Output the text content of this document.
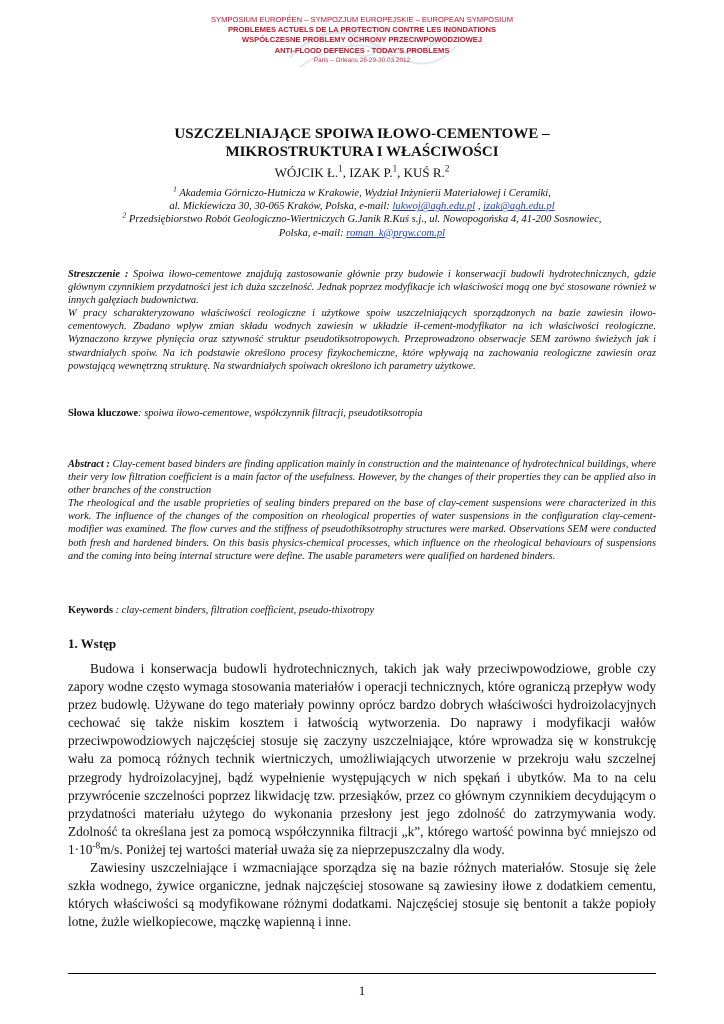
SYMPOSIUM EUROPÉEN – SYMPOZJUM EUROPEJSKIE – EUROPEAN SYMPOSIUM
PROBLEMES ACTUELS DE LA PROTECTION CONTRE LES INONDATIONS
WSPÓŁCZESNE PROBLEMY OCHRONY PRZECIWPOWODZIOWEJ
ANTI-FLOOD DEFENCES - TODAY'S PROBLEMS
Paris – Orléans 28-29-30.03.2012
USZCZELNIAJĄCE SPOIWA IŁOWO-CEMENTOWE –
MIKROSTRUKTURA I WŁAŚCIWOŚCI
WÓJCIK Ł.$^1$, IZAK P.$^1$, KUŚ R.$^2$
$^1$ Akademia Górniczo-Hutnicza w Krakowie, Wydział Inżynierii Materiałowej i Ceramiki,
al. Mickiewicza 30, 30-065 Kraków, Polska, e-mail: lukwoj@agh.edu.pl , izak@agh.edu.pl
$^2$ Przedsiębiorstwo Robót Geologiczno-Wiertniczych G.Janik R.Kuś s.j., ul. Nowopogońska 4, 41-200 Sosnowiec,
Polska, e-mail: roman_k@prgw.com.pl
Streszczenie : Spoiwa iłowo-cementowe znajdują zastosowanie głównie przy budowie i konserwacji budowli hydrotechnicznych, gdzie głównym czynnikiem przydatności jest ich duża szczelność. Jednak poprzez modyfikacje ich właściwości mogą one być stosowane również w innych gałęziach budownictwa.
W pracy scharakteryzowano właściwości reologiczne i użytkowe spoiw uszczelniających sporządzonych na bazie zawiesin iłowo-cementowych. Zbadano wpływ zmian składu wodnych zawiesin w układzie ił-cement-modyfikator na ich właściwości reologiczne. Wyznaczono krzywe płynięcia oraz sztywność struktur pseudotiksotropowych. Przeprowadzono obserwacje SEM zarówno świeżych jak i stwardniałych spoiw. Na ich podstawie określono procesy fizykochemiczne, które wpływają na zachowania reologiczne zawiesin oraz powstającą wewnętrzną strukturę. Na stwardniałych spoiwach określono ich parametry użytkowe.
Słowa kluczowe: spoiwa iłowo-cementowe, współczynnik filtracji, pseudotiksotropia
Abstract : Clay-cement based binders are finding application mainly in construction and the maintenance of hydrotechnical buildings, where their very low filtration coefficient is a main factor of the usefulness. However, by the changes of their properties they can be applied also in other branches of the construction
The rheological and the usable proprieties of sealing binders prepared on the base of clay-cement suspensions were characterized in this work. The influence of the changes of the composition on rheological properties of water suspensions in the configuration clay-cement-modifier was examined. The flow curves and the stiffness of pseudothiksotrophy structures were marked. Observations SEM were conducted both fresh and hardened binders. On this basis physics-chemical processes, which influence on the rheological behaviours of suspensions and the coming into being internal structure were define. The usable parameters were qualified on hardened binders.
Keywords : clay-cement binders, filtration coefficient, pseudo-thixotropy
1. Wstęp

Budowa i konserwacja budowli hydrotechnicznych, takich jak wały przeciwpowodziowe, groble czy zapory wodne często wymaga stosowania materiałów i operacji technicznych, które ograniczą przepływ wody przez budowlę. Używane do tego materiały powinny oprócz bardzo dobrych właściwości hydroizolacyjnych cechować się także niskim kosztem i łatwością wytworzenia. Do naprawy i modyfikacji wałów przeciwpowodziowych najczęściej stosuje się zaczyny uszczelniające, które wprowadza się w konstrukcję wału za pomocą różnych technik wiertniczych, umożliwiających utworzenie w przekroju wału szczelnej przegrody hydroizolacyjnej, bądź wypełnienie występujących w nich spękań i ubytków. Ma to na celu przywrócenie szczelności poprzez likwidację tzw. przesiąków, przez co głównym czynnikiem decydującym o przydatności materiału użytego do wykonania przesłony jest jego zdolność do zatrzymywania wody. Zdolność ta określana jest za pomocą współczynnika filtracji „k”, którego wartość powinna być mniejszo od $1\cdot 10^{-8}m/s$. Poniżej tej wartości materiał uważa się za nieprzepuszczalny dla wody.

Zawiesiny uszczelniające i wzmacniające sporządza się na bazie różnych materiałów. Stosuje się żele szkła wodnego, żywice organiczne, jednak najczęściej stosowane są zawiesiny iłowe z dodatkiem cementu, których właściwości są modyfikowane różnymi dodatkami. Najczęściej stosuje się bentonit a także popioły lotne, żużle wielkopiecowe, mączkę wapienną i inne.

1
